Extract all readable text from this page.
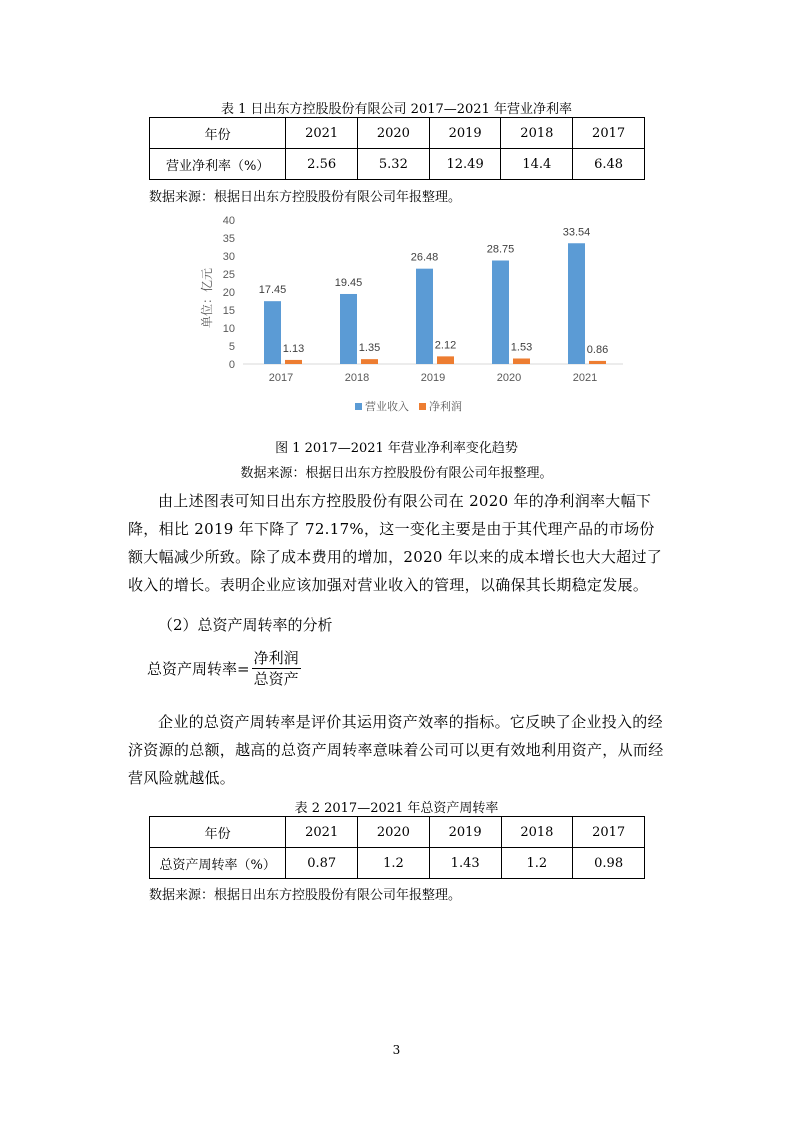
表 1 日出东方控股股份有限公司 2017—2021 年营业净利率
年份	2021	2020	2019	2018	2017
营业净利率（%）	2.56	5.32	12.49	14.4	6.48
数据来源：根据日出东方控股股份有限公司年报整理。
单位：亿元
0
5
10
15
20
25
30
35
40
17.45
1.13
19.45
1.35
26.48
2.12
28.75
1.53
33.54
0.86
2017	2018	2019	2020	2021
营业收入 净利润
图 1 2017—2021 年营业净利率变化趋势
数据来源：根据日出东方控股股份有限公司年报整理。
由上述图表可知日出东方控股股份有限公司在 2020 年的净利润率大幅下降，相比 2019 年下降了 72.17%，这一变化主要是由于其代理产品的市场份额大幅减少所致。除了成本费用的增加，2020 年以来的成本增长也大大超过了收入的增长。表明企业应该加强对营业收入的管理，以确保其长期稳定发展。
（2）总资产周转率的分析
总资产周转率= $\frac{\text{净利润}}{\text{总资产}}$
企业的总资产周转率是评价其运用资产效率的指标。它反映了企业投入的经济资源的总额，越高的总资产周转率意味着公司可以更有效地利用资产，从而经营风险就越低。
表 2 2017—2021 年总资产周转率
年份	2021	2020	2019	2018	2017
总资产周转率（%）	0.87	1.2	1.43	1.2	0.98
数据来源：根据日出东方控股股份有限公司年报整理。
3
